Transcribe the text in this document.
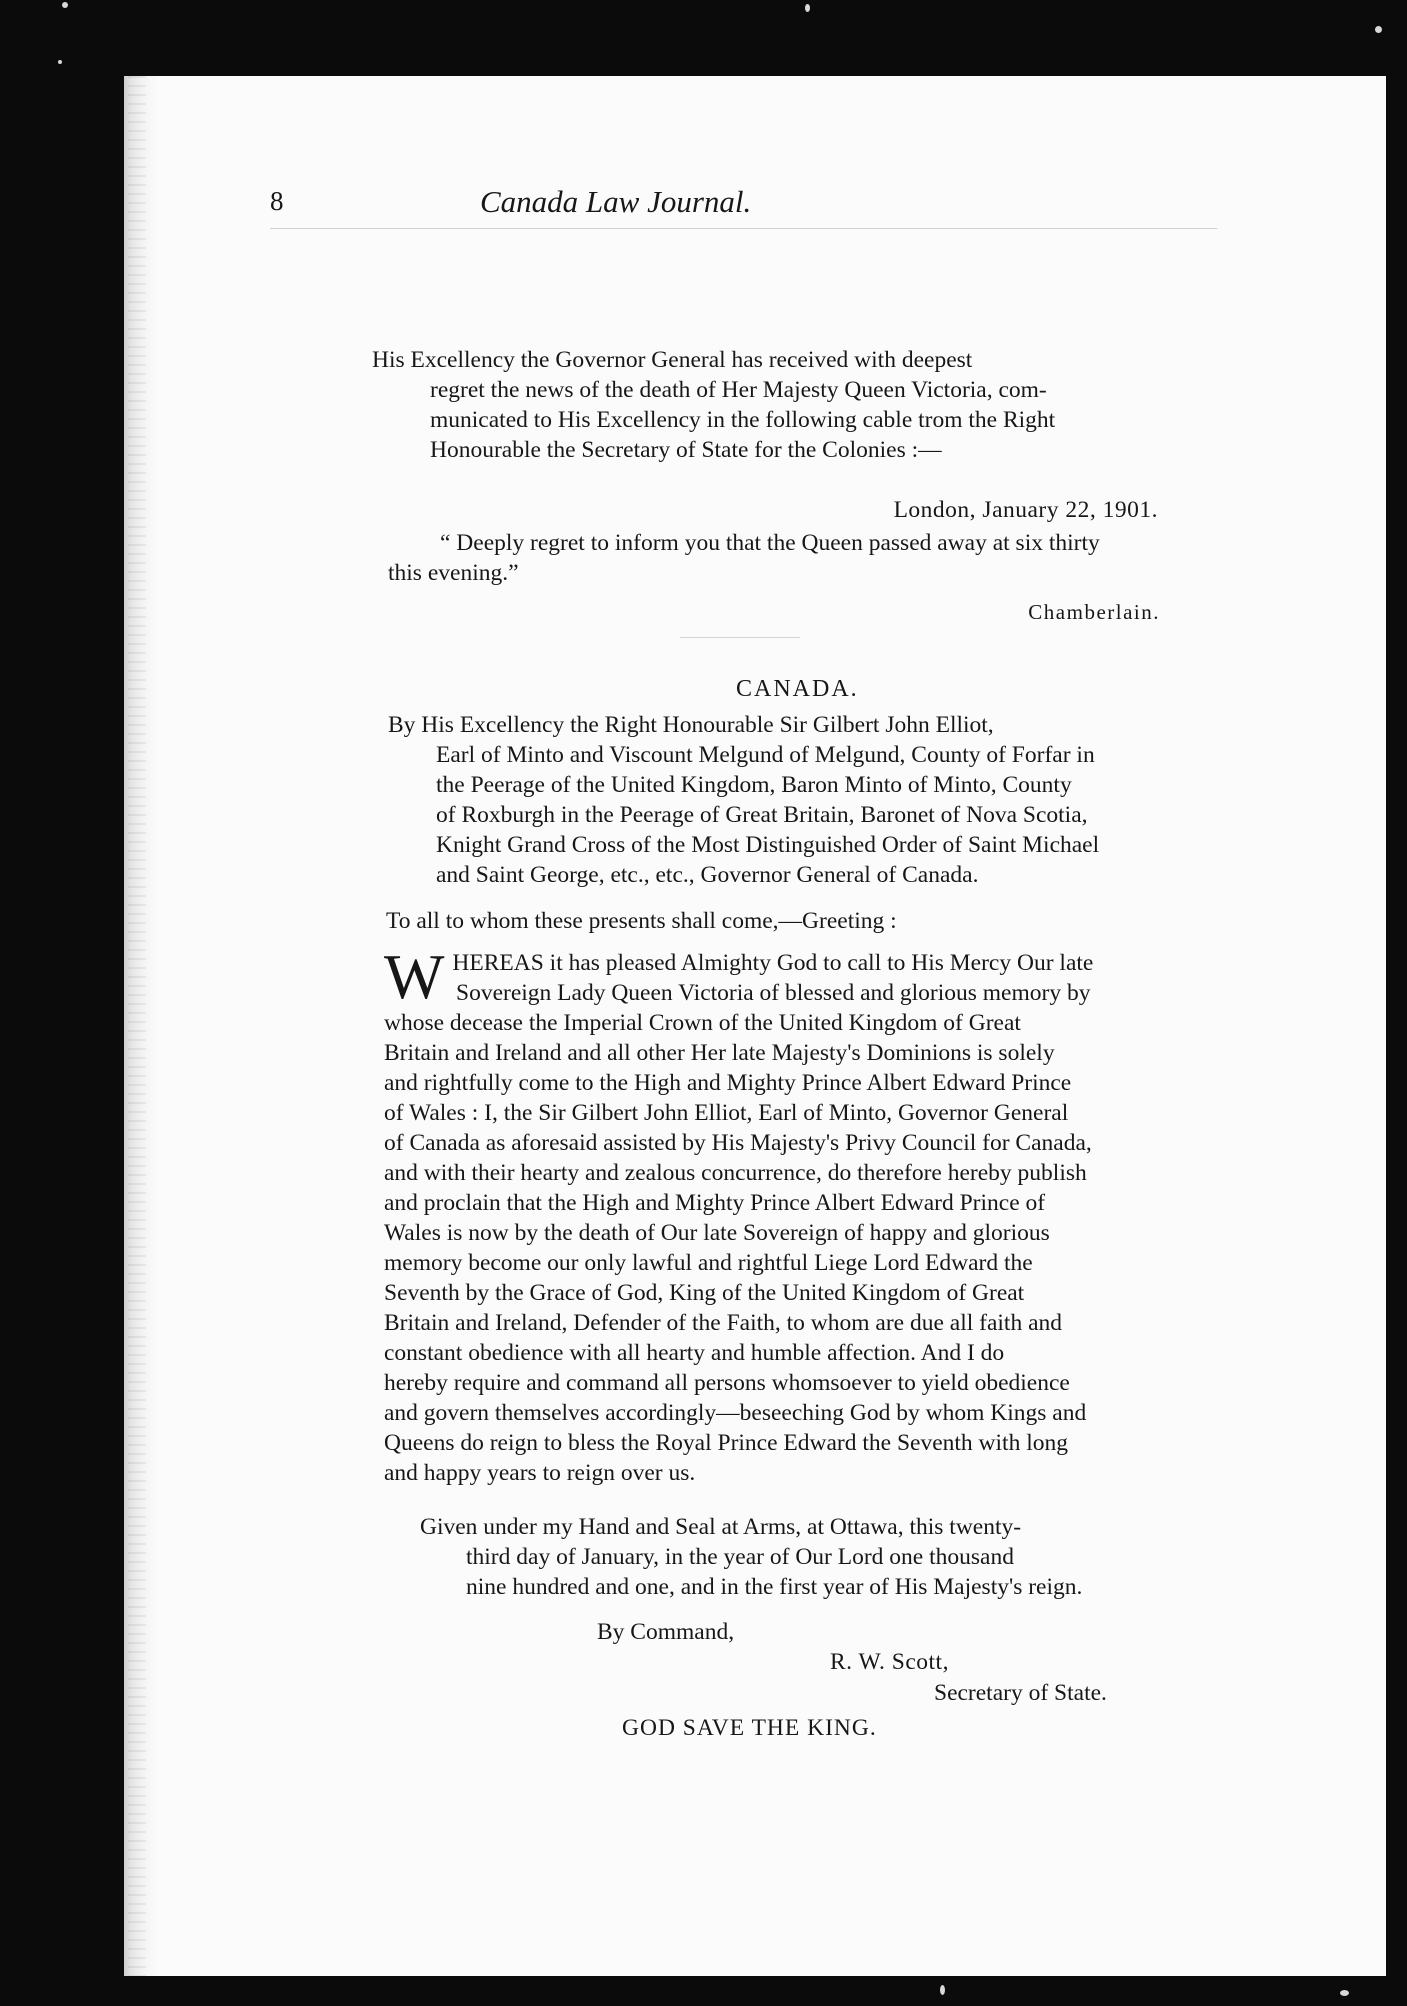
8	Canada Law Journal.
His Excellency the Governor General has received with deepest
regret the news of the death of Her Majesty Queen Victoria, com-
municated to His Excellency in the following cable trom the Right
Honourable the Secretary of State for the Colonies :—
London, January 22, 1901.
“ Deeply regret to inform you that the Queen passed away at six thirty
this evening.”
Chamberlain.
CANADA.
By His Excellency the Right Honourable Sir Gilbert John Elliot,
Earl of Minto and Viscount Melgund of Melgund, County of Forfar in
the Peerage of the United Kingdom, Baron Minto of Minto, County
of Roxburgh in the Peerage of Great Britain, Baronet of Nova Scotia,
Knight Grand Cross of the Most Distinguished Order of Saint Michael
and Saint George, etc., etc., Governor General of Canada.
To all to whom these presents shall come,—Greeting :
W HEREAS it has pleased Almighty God to call to His Mercy Our late
Sovereign Lady Queen Victoria of blessed and glorious memory by
whose decease the Imperial Crown of the United Kingdom of Great
Britain and Ireland and all other Her late Majesty's Dominions is solely
and rightfully come to the High and Mighty Prince Albert Edward Prince
of Wales : I, the Sir Gilbert John Elliot, Earl of Minto, Governor General
of Canada as aforesaid assisted by His Majesty's Privy Council for Canada,
and with their hearty and zealous concurrence, do therefore hereby publish
and proclain that the High and Mighty Prince Albert Edward Prince of
Wales is now by the death of Our late Sovereign of happy and glorious
memory become our only lawful and rightful Liege Lord Edward the
Seventh by the Grace of God, King of the United Kingdom of Great
Britain and Ireland, Defender of the Faith, to whom are due all faith and
constant obedience with all hearty and humble affection. And I do
hereby require and command all persons whomsoever to yield obedience
and govern themselves accordingly—beseeching God by whom Kings and
Queens do reign to bless the Royal Prince Edward the Seventh with long
and happy years to reign over us.
Given under my Hand and Seal at Arms, at Ottawa, this twenty-
third day of January, in the year of Our Lord one thousand
nine hundred and one, and in the first year of His Majesty's reign.
By Command,
R. W. Scott,
Secretary of State.
GOD SAVE THE KING.
